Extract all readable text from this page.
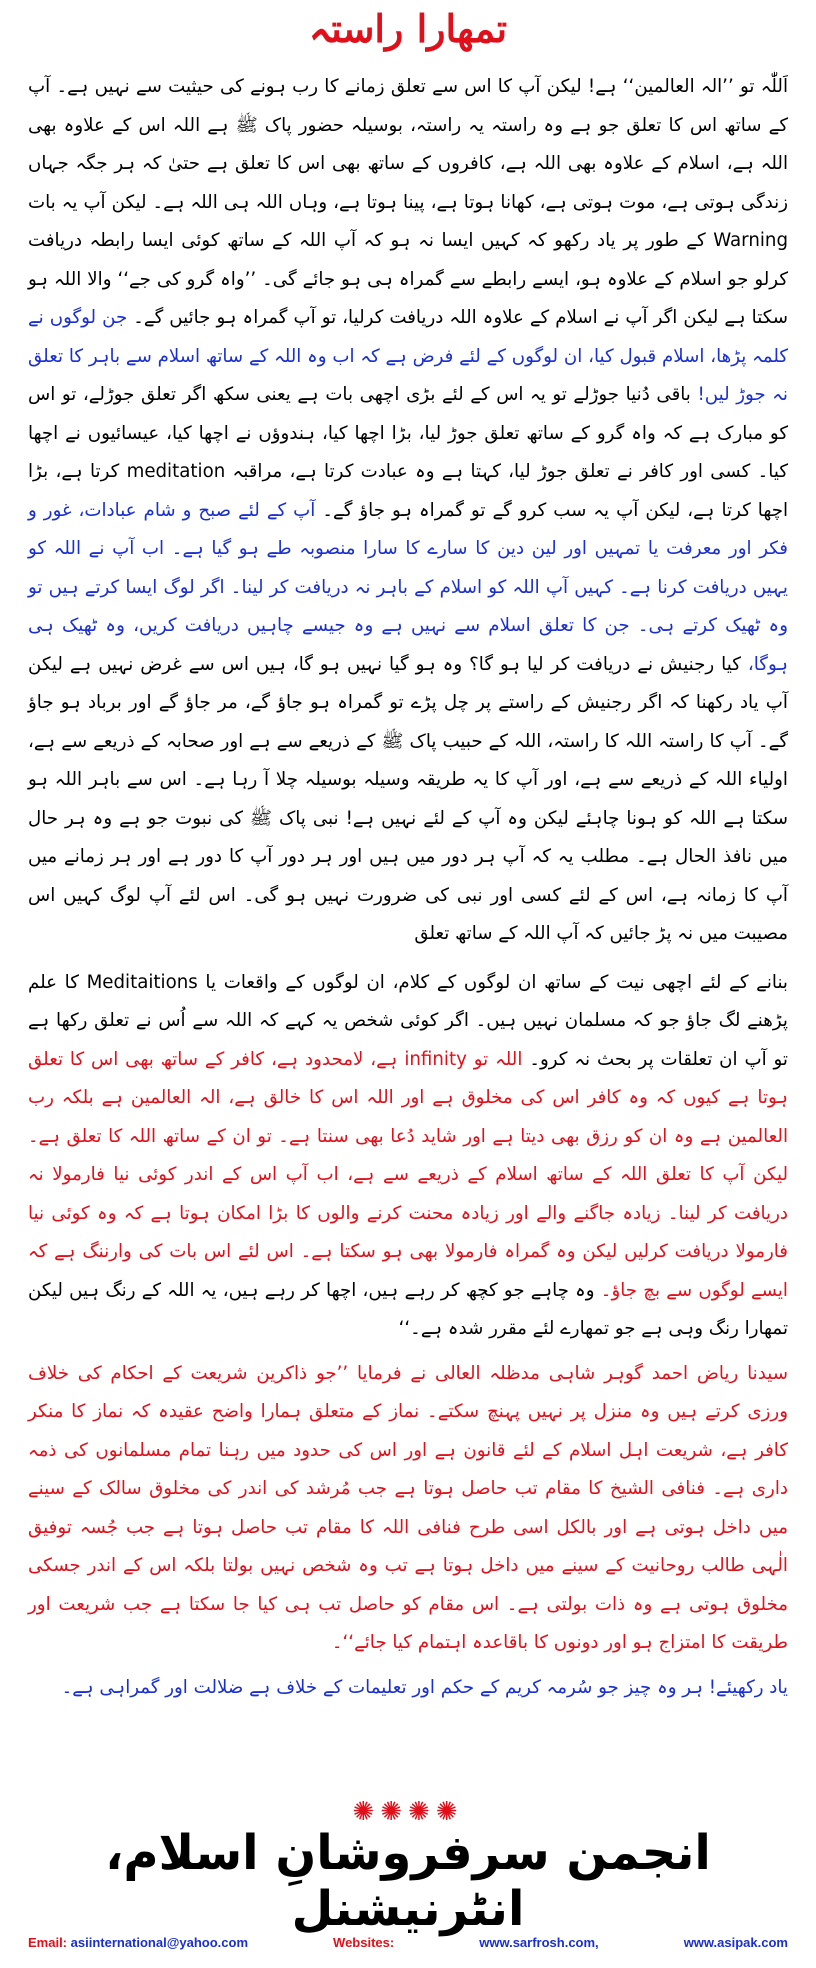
تمھارا راستہ

اَللّٰہ تو ’’الہ العالمین‘‘ ہے! لیکن آپ کا اس سے تعلق زمانے کا رب ہونے کی حیثیت سے نہیں ہے۔ آپ کے ساتھ اس کا تعلق جو ہے وہ راستہ یہ راستہ، بوسیلہ حضور پاک ﷺ ہے اللہ اس کے علاوہ بھی اللہ ہے، اسلام کے علاوہ بھی اللہ ہے، کافروں کے ساتھ بھی اس کا تعلق ہے حتیٰ کہ ہر جگہ جہاں زندگی ہوتی ہے، موت ہوتی ہے، کھانا ہوتا ہے، پینا ہوتا ہے، وہاں اللہ ہی اللہ ہے۔ لیکن آپ یہ بات Warning کے طور پر یاد رکھو کہ کہیں ایسا نہ ہو کہ آپ اللہ کے ساتھ کوئی ایسا رابطہ دریافت کرلو جو اسلام کے علاوہ ہو، ایسے رابطے سے گمراہ ہی ہو جائے گی۔ ’’واہ گرو کی جے‘‘ والا اللہ ہو سکتا ہے لیکن اگر آپ نے اسلام کے علاوہ اللہ دریافت کرلیا، تو آپ گمراہ ہو جائیں گے۔ جن لوگوں نے کلمہ پڑھا، اسلام قبول کیا، ان لوگوں کے لئے فرض ہے کہ اب وہ اللہ کے ساتھ اسلام سے باہر کا تعلق نہ جوڑ لیں! باقی دُنیا جوڑلے تو یہ اس کے لئے بڑی اچھی بات ہے یعنی سکھ اگر تعلق جوڑلے، تو اس کو مبارک ہے کہ واہ گرو کے ساتھ تعلق جوڑ لیا، بڑا اچھا کیا، ہندوؤں نے اچھا کیا، عیسائیوں نے اچھا کیا۔ کسی اور کافر نے تعلق جوڑ لیا، کہتا ہے وہ عبادت کرتا ہے، مراقبہ meditation کرتا ہے، بڑا اچھا کرتا ہے، لیکن آپ یہ سب کرو گے تو گمراہ ہو جاؤ گے۔ آپ کے لئے صبح و شام عبادات، غور و فکر اور معرفت یا تمہیں اور لین دین کا سارے کا سارا منصوبہ طے ہو گیا ہے۔ اب آپ نے اللہ کو یہیں دریافت کرنا ہے۔ کہیں آپ اللہ کو اسلام کے باہر نہ دریافت کر لینا۔ اگر لوگ ایسا کرتے ہیں تو وہ ٹھیک کرتے ہی۔ جن کا تعلق اسلام سے نہیں ہے وہ جیسے چاہیں دریافت کریں، وہ ٹھیک ہی ہوگا، کیا رجنیش نے دریافت کر لیا ہو گا؟ وہ ہو گیا نہیں ہو گا، ہیں اس سے غرض نہیں ہے لیکن آپ یاد رکھنا کہ اگر رجنیش کے راستے پر چل پڑے تو گمراہ ہو جاؤ گے، مر جاؤ گے اور برباد ہو جاؤ گے۔ آپ کا راستہ اللہ کا راستہ، اللہ کے حبیب پاک ﷺ کے ذریعے سے ہے اور صحابہ کے ذریعے سے ہے، اولیاء اللہ کے ذریعے سے ہے، اور آپ کا یہ طریقہ وسیلہ بوسیلہ چلا آ رہا ہے۔ اس سے باہر اللہ ہو سکتا ہے اللہ کو ہونا چاہئے لیکن وہ آپ کے لئے نہیں ہے! نبی پاک ﷺ کی نبوت جو ہے وہ ہر حال میں نافذ الحال ہے۔ مطلب یہ کہ آپ ہر دور میں ہیں اور ہر دور آپ کا دور ہے اور ہر زمانے میں آپ کا زمانہ ہے، اس کے لئے کسی اور نبی کی ضرورت نہیں ہو گی۔ اس لئے آپ لوگ کہیں اس مصیبت میں نہ پڑ جائیں کہ آپ اللہ کے ساتھ تعلق

بنانے کے لئے اچھی نیت کے ساتھ ان لوگوں کے کلام، ان لوگوں کے واقعات یا Meditaitions کا علم پڑھنے لگ جاؤ جو کہ مسلمان نہیں ہیں۔ اگر کوئی شخص یہ کہے کہ اللہ سے اُس نے تعلق رکھا ہے تو آپ ان تعلقات پر بحث نہ کرو۔ اللہ تو infinity ہے، لامحدود ہے، کافر کے ساتھ بھی اس کا تعلق ہوتا ہے کیوں کہ وہ کافر اس کی مخلوق ہے اور اللہ اس کا خالق ہے، الہ العالمین ہے بلکہ رب العالمین ہے وہ ان کو رزق بھی دیتا ہے اور شاید دُعا بھی سنتا ہے۔ تو ان کے ساتھ اللہ کا تعلق ہے۔ لیکن آپ کا تعلق اللہ کے ساتھ اسلام کے ذریعے سے ہے، اب آپ اس کے اندر کوئی نیا فارمولا نہ دریافت کر لینا۔ زیادہ جاگنے والے اور زیادہ محنت کرنے والوں کا بڑا امکان ہوتا ہے کہ وہ کوئی نیا فارمولا دریافت کرلیں لیکن وہ گمراہ فارمولا بھی ہو سکتا ہے۔ اس لئے اس بات کی وارننگ ہے کہ ایسے لوگوں سے بچ جاؤ۔ وہ چاہے جو کچھ کر رہے ہیں، اچھا کر رہے ہیں، یہ اللہ کے رنگ ہیں لیکن تمھارا رنگ وہی ہے جو تمھارے لئے مقرر شدہ ہے۔‘‘

سیدنا ریاض احمد گوہر شاہی مدظلہ العالی نے فرمایا ’’جو ذاکرین شریعت کے احکام کی خلاف ورزی کرتے ہیں وہ منزل پر نہیں پہنچ سکتے۔ نماز کے متعلق ہمارا واضح عقیدہ کہ نماز کا منکر کافر ہے، شریعت اہل اسلام کے لئے قانون ہے اور اس کی حدود میں رہنا تمام مسلمانوں کی ذمہ داری ہے۔ فنافی الشیخ کا مقام تب حاصل ہوتا ہے جب مُرشد کی اندر کی مخلوق سالک کے سینے میں داخل ہوتی ہے اور بالکل اسی طرح فنافی اللہ کا مقام تب حاصل ہوتا ہے جب جُسہ توفیق الٰہی طالب روحانیت کے سینے میں داخل ہوتا ہے تب وہ شخص نہیں بولتا بلکہ اس کے اندر جسکی مخلوق ہوتی ہے وہ ذات بولتی ہے۔ اس مقام کو حاصل تب ہی کیا جا سکتا ہے جب شریعت اور طریقت کا امتزاج ہو اور دونوں کا باقاعدہ اہتمام کیا جائے‘‘۔

یاد رکھیئے! ہر وہ چیز جو سُرمہ کریم کے حکم اور تعلیمات کے خلاف ہے ضلالت اور گمراہی ہے۔

✺✺✺✺
انجمن سرفروشانِ اسلام، انٹرنیشنل
Email: asiinternational@yahoo.com	Websites:	www.sarfrosh.com,	www.asipak.com
